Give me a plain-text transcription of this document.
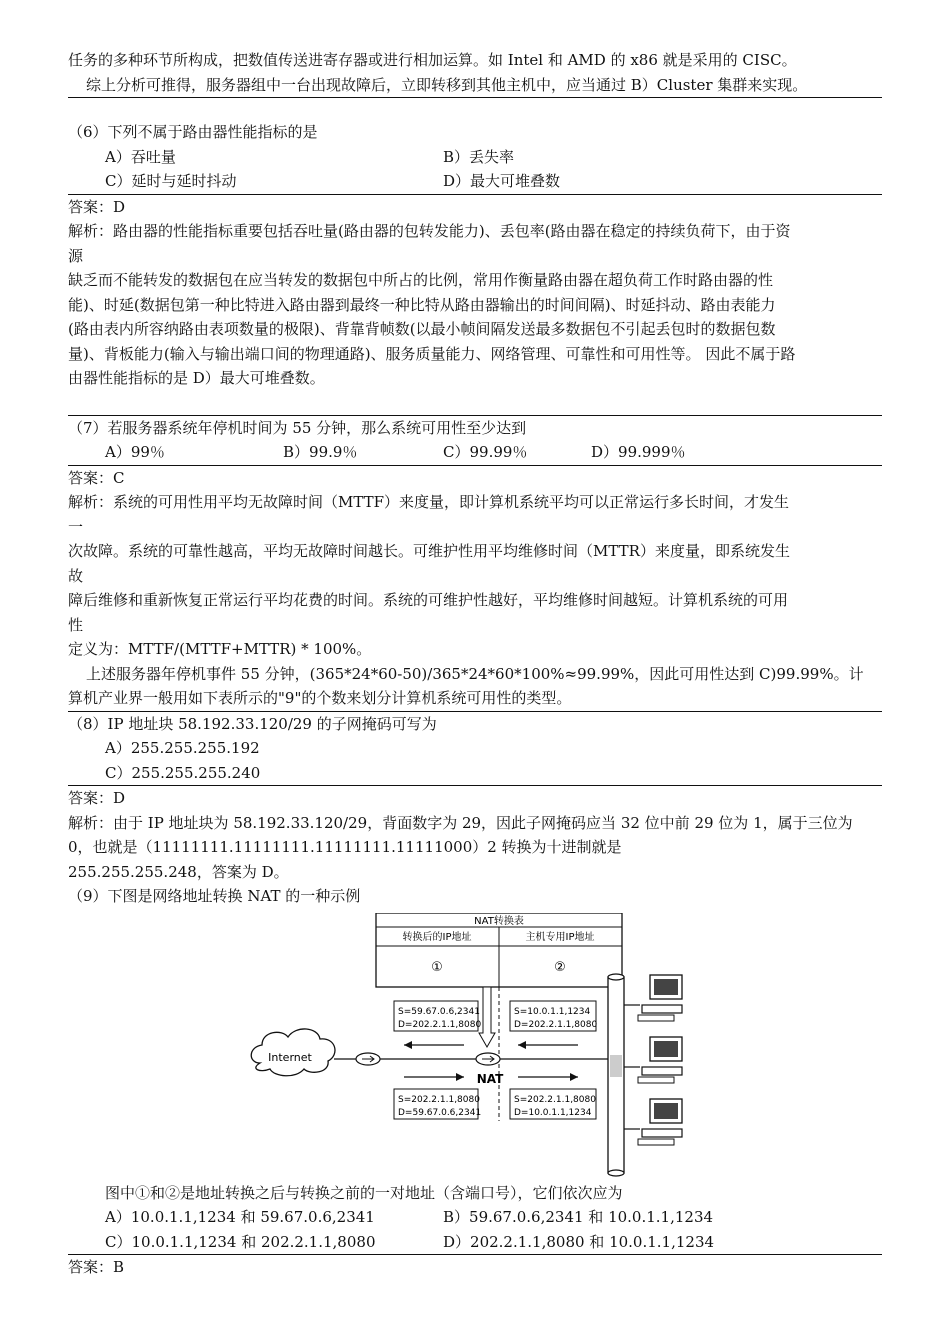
任务的多种环节所构成，把数值传送进寄存器或进行相加运算。如 Intel 和 AMD 的 x86 就是采用的 CISC。
综上分析可推得，服务器组中一台出现故障后，立即转移到其他主机中，应当通过 B）Cluster 集群来实现。
（6）下列不属于路由器性能指标的是
A）吞吐量	B）丢失率
C）延时与延时抖动	D）最大可堆叠数
答案：D
解析：路由器的性能指标重要包括吞吐量(路由器的包转发能力)、丢包率(路由器在稳定的持续负荷下，由于资
源
缺乏而不能转发的数据包在应当转发的数据包中所占的比例，常用作衡量路由器在超负荷工作时路由器的性
能)、时延(数据包第一种比特进入路由器到最终一种比特从路由器输出的时间间隔)、时延抖动、路由表能力
(路由表内所容纳路由表项数量的极限)、背靠背帧数(以最小帧间隔发送最多数据包不引起丢包时的数据包数
量)、背板能力(输入与输出端口间的物理通路)、服务质量能力、网络管理、可靠性和可用性等。 因此不属于路
由器性能指标的是 D）最大可堆叠数。
（7）若服务器系统年停机时间为 55 分钟，那么系统可用性至少达到
A）99％	B）99.9％	C）99.99％	D）99.999％
答案：C
解析：系统的可用性用平均无故障时间（MTTF）来度量，即计算机系统平均可以正常运行多长时间，才发生
一
次故障。系统的可靠性越高，平均无故障时间越长。可维护性用平均维修时间（MTTR）来度量，即系统发生
故
障后维修和重新恢复正常运行平均花费的时间。系统的可维护性越好，平均维修时间越短。计算机系统的可用
性
定义为：MTTF/(MTTF+MTTR) * 100%。
上述服务器年停机事件 55 分钟，(365*24*60-50)/365*24*60*100%≈99.99%，因此可用性达到 C)99.99%。计
算机产业界一般用如下表所示的"9"的个数来划分计算机系统可用性的类型。
（8）IP 地址块 58.192.33.120/29 的子网掩码可写为
A）255.255.255.192
C）255.255.255.240
答案：D
解析：由于 IP 地址块为 58.192.33.120/29，背面数字为 29，因此子网掩码应当 32 位中前 29 位为 1，属于三位为
0，也就是（11111111.11111111.11111111.11111000）2 转换为十进制就是
255.255.255.248，答案为 D。
（9）下图是网络地址转换 NAT 的一种示例
NAT转换表
转换后的IP地址	主机专用IP地址
①	②
S=59.67.0.6,2341
D=202.2.1.1,8080
S=10.0.1.1,1234
D=202.2.1.1,8080
S=202.2.1.1,8080
D=59.67.0.6,2341
S=202.2.1.1,8080
D=10.0.1.1,1234
Internet
NAT
图中①和②是地址转换之后与转换之前的一对地址（含端口号），它们依次应为
A）10.0.1.1,1234 和 59.67.0.6,2341	B）59.67.0.6,2341 和 10.0.1.1,1234
C）10.0.1.1,1234 和 202.2.1.1,8080	D）202.2.1.1,8080 和 10.0.1.1,1234
答案：B
